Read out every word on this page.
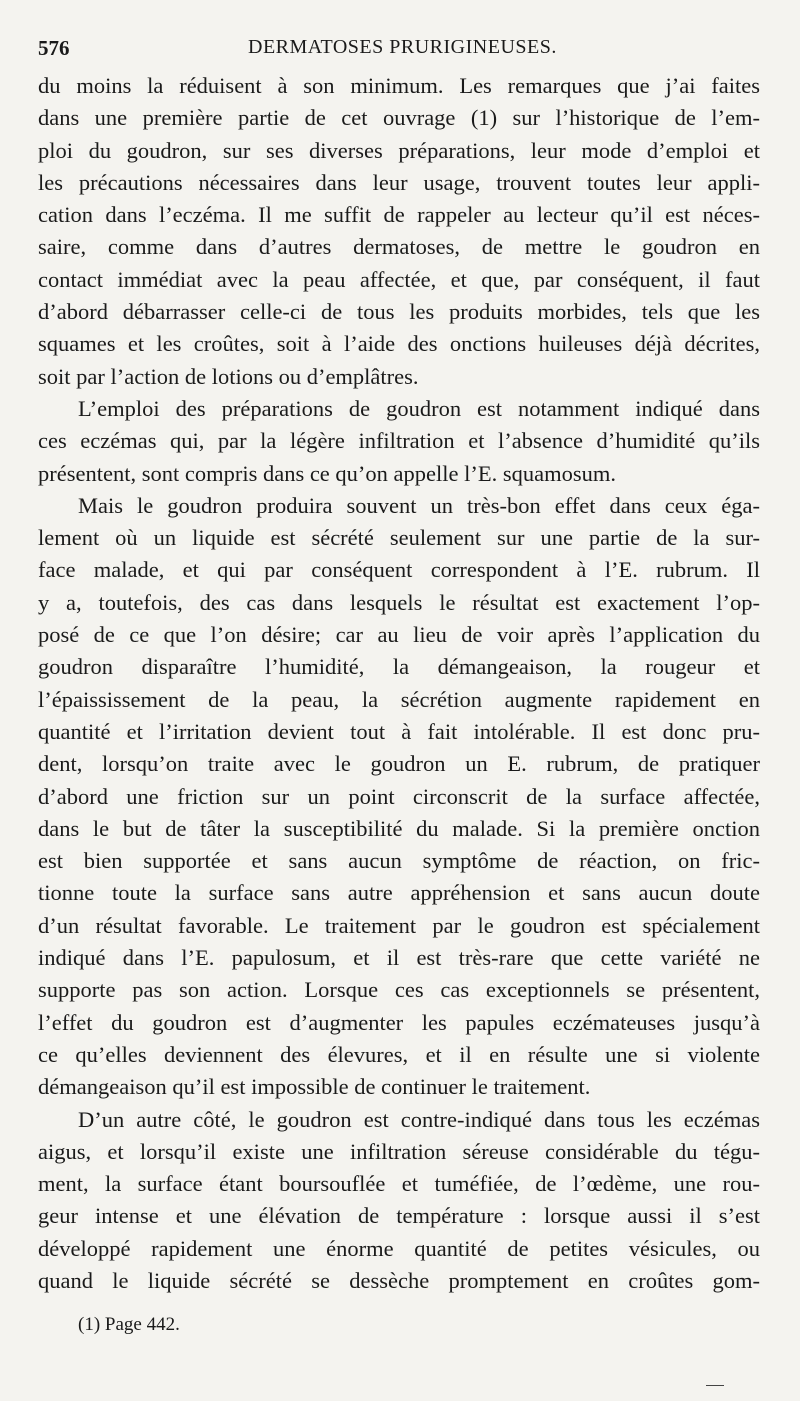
576	DERMATOSES PRURIGINEUSES.
du moins la réduisent à son minimum. Les remarques que j’ai faites
dans une première partie de cet ouvrage (1) sur l’historique de l’em-
ploi du goudron, sur ses diverses préparations, leur mode d’emploi et
les précautions nécessaires dans leur usage, trouvent toutes leur appli-
cation dans l’eczéma. Il me suffit de rappeler au lecteur qu’il est néces-
saire, comme dans d’autres dermatoses, de mettre le goudron en
contact immédiat avec la peau affectée, et que, par conséquent, il faut
d’abord débarrasser celle-ci de tous les produits morbides, tels que les
squames et les croûtes, soit à l’aide des onctions huileuses déjà décrites,
soit par l’action de lotions ou d’emplâtres.
L’emploi des préparations de goudron est notamment indiqué dans
ces eczémas qui, par la légère infiltration et l’absence d’humidité qu’ils
présentent, sont compris dans ce qu’on appelle l’E. squamosum.
Mais le goudron produira souvent un très-bon effet dans ceux éga-
lement où un liquide est sécrété seulement sur une partie de la sur-
face malade, et qui par conséquent correspondent à l’E. rubrum. Il
y a, toutefois, des cas dans lesquels le résultat est exactement l’op-
posé de ce que l’on désire; car au lieu de voir après l’application du
goudron disparaître l’humidité, la démangeaison, la rougeur et
l’épaississement de la peau, la sécrétion augmente rapidement en
quantité et l’irritation devient tout à fait intolérable. Il est donc pru-
dent, lorsqu’on traite avec le goudron un E. rubrum, de pratiquer
d’abord une friction sur un point circonscrit de la surface affectée,
dans le but de tâter la susceptibilité du malade. Si la première onction
est bien supportée et sans aucun symptôme de réaction, on fric-
tionne toute la surface sans autre appréhension et sans aucun doute
d’un résultat favorable. Le traitement par le goudron est spécialement
indiqué dans l’E. papulosum, et il est très-rare que cette variété ne
supporte pas son action. Lorsque ces cas exceptionnels se présentent,
l’effet du goudron est d’augmenter les papules eczémateuses jusqu’à
ce qu’elles deviennent des élevures, et il en résulte une si violente
démangeaison qu’il est impossible de continuer le traitement.
D’un autre côté, le goudron est contre-indiqué dans tous les eczémas
aigus, et lorsqu’il existe une infiltration séreuse considérable du tégu-
ment, la surface étant boursouflée et tuméfiée, de l’œdème, une rou-
geur intense et une élévation de température : lorsque aussi il s’est
développé rapidement une énorme quantité de petites vésicules, ou
quand le liquide sécrété se dessèche promptement en croûtes gom-
(1) Page 442.
